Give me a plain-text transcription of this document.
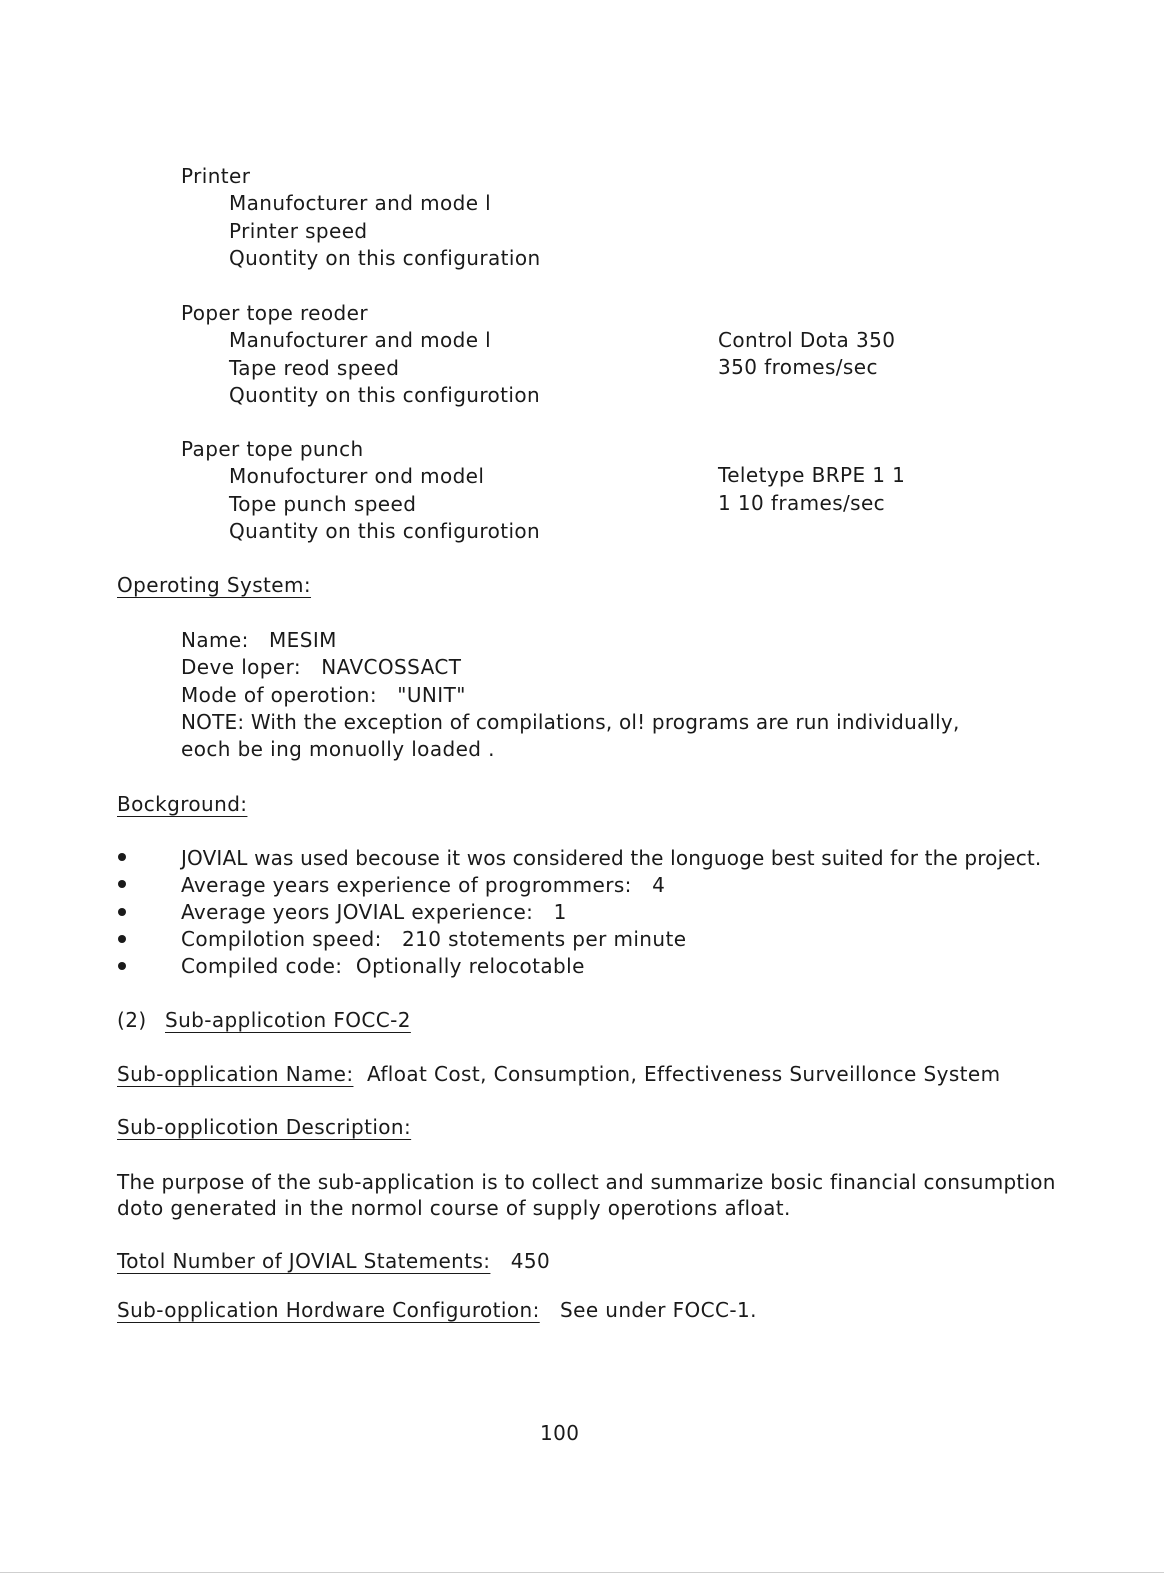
Printer
Manufocturer and mode l
Printer speed
Quontity on this configuration
Poper tope reoder
Manufocturer and mode l	Control Dota 350
Tape reod speed	350 fromes/sec
Quontity on this configurotion
Paper tope punch
Monufocturer ond model	Teletype BRPE 1 1
Tope punch speed	1 10 frames/sec
Quantity on this configurotion
Operoting System:
Name: MESIM
Deve loper: NAVCOSSACT
Mode of operotion: "UNIT"
NOTE: With the exception of compilations, ol! programs are run individually,
eoch be ing monuolly loaded .
Bockground:
JOVIAL was used becouse it wos considered the longuoge best suited for the project.
Average years experience of progrommers:   4
Average yeors JOVIAL experience:   1
Compilotion speed:   210 stotements per minute
Compiled code:  Optionally relocotable
(2) Sub-applicotion FOCC-2
Sub-opplication Name: Afloat Cost, Consumption, Effectiveness Surveillonce System
Sub-opplicotion Description:
The purpose of the sub-application is to collect and summarize bosic financial consumption
doto generated in the normol course of supply operotions afloat.
Totol Number of JOVIAL Statements: 450
Sub-opplication Hordware Configurotion: See under FOCC-1.
100
